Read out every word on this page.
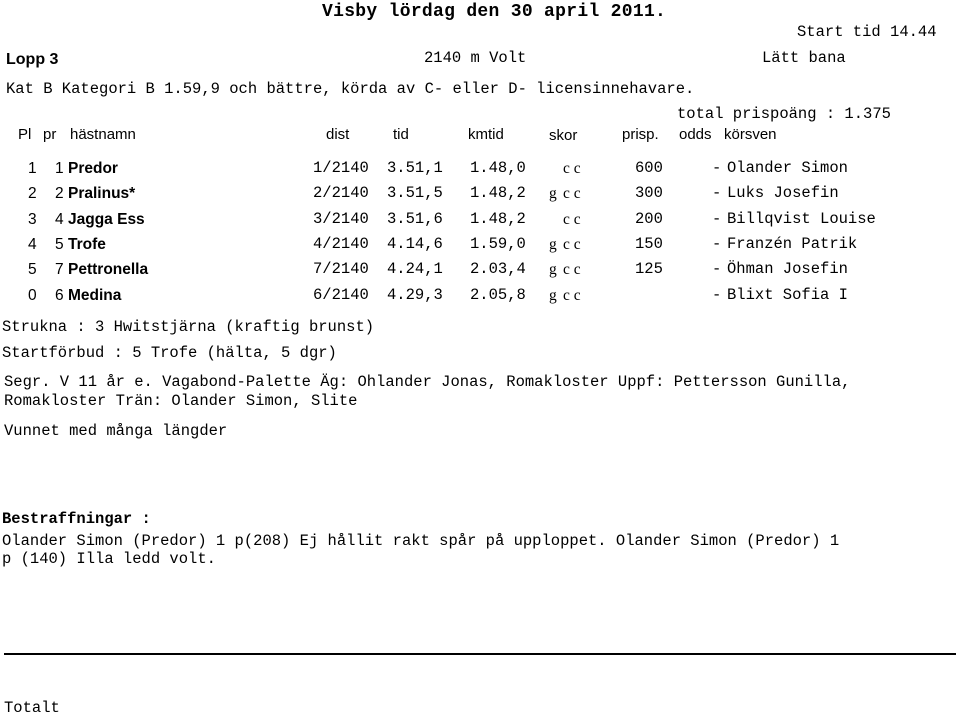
Visby lördag den 30 april 2011.
Start tid 14.44
Lopp 3	2140 m Volt	Lätt bana
Kat B Kategori B 1.59,9 och bättre, körda av C- eller D- licensinnehavare.
total prispoäng : 1.375
Pl pr hästnamn	dist	tid	kmtid	skor	prisp. odds körsven
1 1 Predor	1/2140 3.51,1 1.48,0 c c	600	- Olander Simon
2 2 Pralinus*	2/2140 3.51,5 1.48,2 g c c	300	- Luks Josefin
3 4 Jagga Ess	3/2140 3.51,6 1.48,2 c c	200	- Billqvist Louise
4 5 Trofe	4/2140 4.14,6 1.59,0 g c c	150	- Franzén Patrik
5 7 Pettronella	7/2140 4.24,1 2.03,4 g c c	125	- Öhman Josefin
0 6 Medina	6/2140 4.29,3 2.05,8 g c c	- Blixt Sofia I
Strukna : 3 Hwitstjärna (kraftig brunst)
Startförbud : 5 Trofe (hälta, 5 dgr)
Segr. V 11 år e. Vagabond-Palette Äg: Ohlander Jonas, Romakloster Uppf: Pettersson Gunilla,
Romakloster Trän: Olander Simon, Slite
Vunnet med många längder
Bestraffningar :
Olander Simon (Predor) 1 p(208) Ej hållit rakt spår på upploppet. Olander Simon (Predor) 1
p (140) Illa ledd volt.
Totalt
